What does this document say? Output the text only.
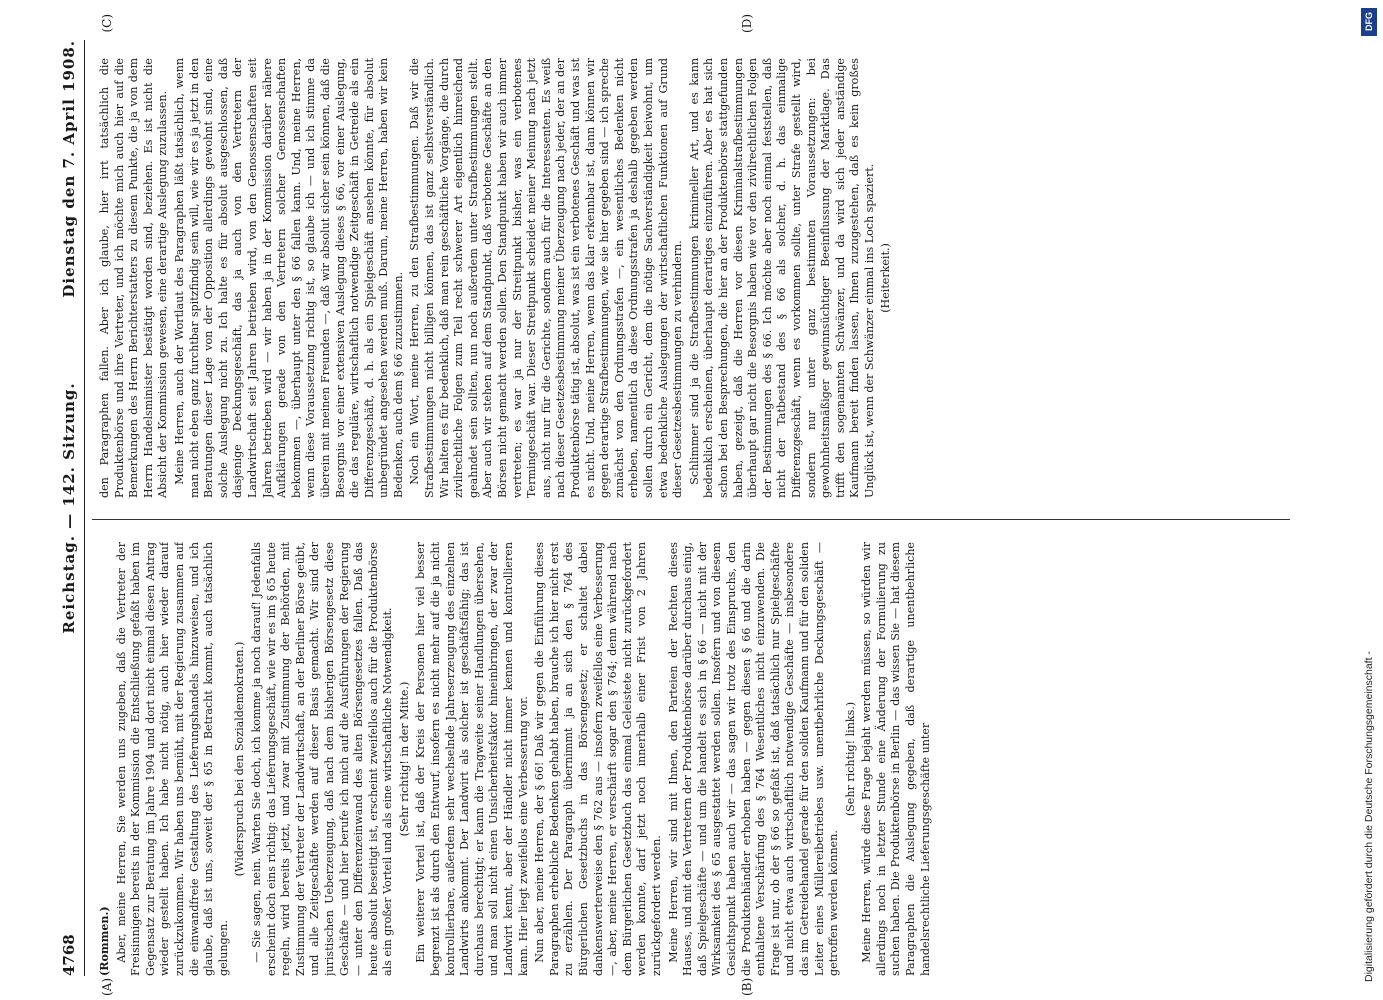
4768
Reichstag. — 142. Sitzung.
Dienstag den 7. April 1908.
(A)	(B)
(C)	(D)

(Rommen.) Aber, meine Herren, Sie werden uns zugeben, daß die Vertreter der Freisinnigen bereits in der Kommission die Entschließung gefaßt haben im Gegensatz zur Beratung im Jahre 1904 und dort nicht einmal diesen Antrag wieder gestellt haben. Ich habe nicht nötig, auch hier wieder darauf zurückzukommen. Wir haben uns bemüht, mit der Regierung zusammen auf die einwandfreie Gestaltung des Lieferungshandels hinzuweisen, und ich glaube, daß ist uns, soweit der § 65 in Betracht kommt, auch tatsächlich gelungen.

(Widerspruch bei den Sozialdemokraten.) — Sie sagen, nein. Warten Sie doch, ich komme ja noch darauf! Jedenfalls erscheint doch eins richtig: das Lieferungsgeschäft, wie wir es im § 65 heute regeln, wird bereits jetzt, und zwar mit Zustimmung der Behörden, mit Zustimmung der Vertreter der Landwirtschaft, an der Berliner Börse geübt, und alle Zeitgeschäfte werden auf dieser Basis gemacht. Wir sind der juristischen Ueberzeugung, daß nach dem bisherigen Börsengesetz diese Geschäfte — und hier berufe ich mich auf die Ausführungen der Regierung — unter den Differenzeinwand des alten Börsengesetzes fallen. Daß das heute absolut beseitigt ist, erscheint zweifellos auch für die Produktenbörse als ein großer Vorteil und als eine wirtschaftliche Notwendigkeit. (Sehr richtig! in der Mitte.) Ein weiterer Vorteil ist, daß der Kreis der Personen hier viel besser begrenzt ist als durch den Entwurf, insofern es nicht mehr auf die ja nicht kontrollierbare, außerdem sehr wechselnde Jahreserzeugung des einzelnen Landwirts ankommt. Der Landwirt als solcher ist geschäftsfähig; das ist durchaus berechtigt; er kann die Tragweite seiner Handlungen übersehen, und man soll nicht einen Unsicherheitsfaktor hineinbringen, der zwar der Landwirt kennt, aber der Händler nicht immer kennen und kontrollieren kann. Hier liegt zweifellos eine Verbesserung vor. Nun aber, meine Herren, der § 66! Daß wir gegen die Einführung dieses Paragraphen erhebliche Bedenken gehabt haben, brauche ich hier nicht erst zu erzählen. Der Paragraph übernimmt ja an sich den § 764 des Bürgerlichen Gesetzbuchs in das Börsengesetz; er schaltet dabei dankenswerterweise den § 762 aus — insofern zweifellos eine Verbesserung —, aber, meine Herren, er verschärft sogar den § 764; denn während nach dem Bürgerlichen Gesetzbuch das einmal Geleistete nicht zurückgefordert werden konnte, darf jetzt noch innerhalb einer Frist von 2 Jahren zurückgefordert werden. Meine Herren, wir sind mit Ihnen, den Parteien der Rechten dieses Hauses, und mit den Vertretern der Produktenbörse darüber durchaus einig, daß Spielgeschäfte — und um die handelt es sich in § 66 — nicht mit der Wirksamkeit des § 65 ausgestattet werden sollen. Insofern und von diesem Gesichtspunkt haben auch wir — das sagen wir trotz des Einspruchs, den die Produktenhändler erhoben haben — gegen diesen § 66 und die darin enthaltene Verschärfung des § 764 Wesentliches nicht einzuwenden. Die Frage ist nur, ob der § 66 so gefaßt ist, daß tatsächlich nur Spielgeschäfte und nicht etwa auch wirtschaftlich notwendige Geschäfte — insbesondere das im Getreidehandel gerade für den soliden Kaufmann und für den soliden Leiter eines Müllereibetriebes usw. unentbehrliche Deckungsgeschäft — getroffen werden können.

(Sehr richtig! links.) Meine Herren, würde diese Frage bejaht werden müssen, so würden wir allerdings noch in letzter Stunde eine Änderung der Formulierung zu suchen haben. Die Produktenbörse in Berlin — das wissen Sie — hat diesem Paragraphen die Auslegung gegeben, daß derartige unentbehrliche handelsrechtliche Lieferungsgeschäfte unter

den Paragraphen fallen. Aber ich glaube, hier irrt tatsächlich die Produktenbörse und ihre Vertreter, und ich möchte mich auch hier auf die Bemerkungen des Herrn Berichterstatters zu diesem Punkte, die ja von dem Herrn Handelsminister bestätigt worden sind, beziehen. Es ist nicht die Absicht der Kommission gewesen, eine derartige Auslegung zuzulassen. Meine Herren, auch der Wortlaut des Paragraphen läßt tatsächlich, wenn man nicht eben ganz furchtbar spitzfindig sein will, wie wir es ja jetzt in den Beratungen dieser Lage von der Opposition allerdings gewohnt sind, eine solche Auslegung nicht zu. Ich halte es für absolut ausgeschlossen, daß dasjenige Deckungsgeschäft, das ja auch von den Vertretern der Landwirtschaft seit Jahren betrieben wird, von den Genossenschaften seit Jahren betrieben wird — wir haben ja in der Kommission darüber nähere Aufklärungen gerade von den Vertretern solcher Genossenschaften bekommen —, überhaupt unter den § 66 fallen kann. Und, meine Herren, wenn diese Voraussetzung richtig ist, so glaube ich — und ich stimme da überein mit meinen Freunden —, daß wir absolut sicher sein können, daß die Besorgnis vor einer extensiven Auslegung dieses § 66, vor einer Auslegung, die das reguläre, wirtschaftlich notwendige Zeitgeschäft in Getreide als ein Differenzgeschäft, d. h. als ein Spielgeschäft ansehen könnte, für absolut unbegründet angesehen werden muß. Darum, meine Herren, haben wir kein Bedenken, auch dem § 66 zuzustimmen. Noch ein Wort, meine Herren, zu den Strafbestimmungen. Daß wir die Strafbestimmungen nicht billigen können, das ist ganz selbstverständlich. Wir halten es für bedenklich, daß man rein geschäftliche Vorgänge, die durch zivilrechtliche Folgen zum Teil recht schwerer Art eigentlich hinreichend geahndet sein sollten, nun noch außerdem unter Strafbestimmungen stellt. Aber auch wir stehen auf dem Standpunkt, daß verbotene Geschäfte an den Börsen nicht gemacht werden sollen. Den Standpunkt haben wir auch immer vertreten; es war ja nur der Streitpunkt bisher, was ein verbotenes Termingeschäft war. Dieser Streitpunkt scheidet meiner Meinung nach jetzt aus, nicht nur für die Gerichte, sondern auch für die Interessenten. Es weiß nach dieser Gesetzesbestimmung meiner Überzeugung nach jeder, der an der Produktenbörse tätig ist, absolut, was ist ein verbotenes Geschäft und was ist es nicht. Und, meine Herren, wenn das klar erkennbar ist, dann können wir gegen derartige Strafbestimmungen, wie sie hier gegeben sind — ich spreche zunächst von den Ordnungsstrafen —, ein wesentliches Bedenken nicht erheben, namentlich da diese Ordnungsstrafen ja deshalb gegeben werden sollen durch ein Gericht, dem die nötige Sachverständigkeit beiwohnt, um etwa bedenkliche Auslegungen der wirtschaftlichen Funktionen auf Grund dieser Gesetzesbestimmungen zu verhindern. Schlimmer sind ja die Strafbestimmungen krimineller Art, und es kann bedenklich erscheinen, überhaupt derartiges einzuführen. Aber es hat sich schon bei den Besprechungen, die hier an der Produktenbörse stattgefunden haben, gezeigt, daß die Herren vor diesen Kriminalstrafbestimmungen überhaupt gar nicht die Besorgnis haben wie vor den zivilrechtlichen Folgen der Bestimmungen des § 66. Ich möchte aber noch einmal feststellen, daß nicht der Tatbestand des § 66 als solcher, d. h. das einmalige Differenzgeschäft, wenn es vorkommen sollte, unter Strafe gestellt wird, sondern nur unter ganz bestimmten Voraussetzungen: bei gewohnheitsmäßiger gewinnsüchtiger Beeinflussung der Marktlage. Das trifft den sogenannten Schwänzer, und da wird sich jeder anständige Kaufmann bereit finden lassen, Ihnen zuzugestehen, daß es kein großes Unglück ist, wenn der Schwänzer einmal ins Loch spaziert. (Heiterkeit.)

DFG
Digitalisierung gefördert durch die Deutsche Forschungsgemeinschaft -
